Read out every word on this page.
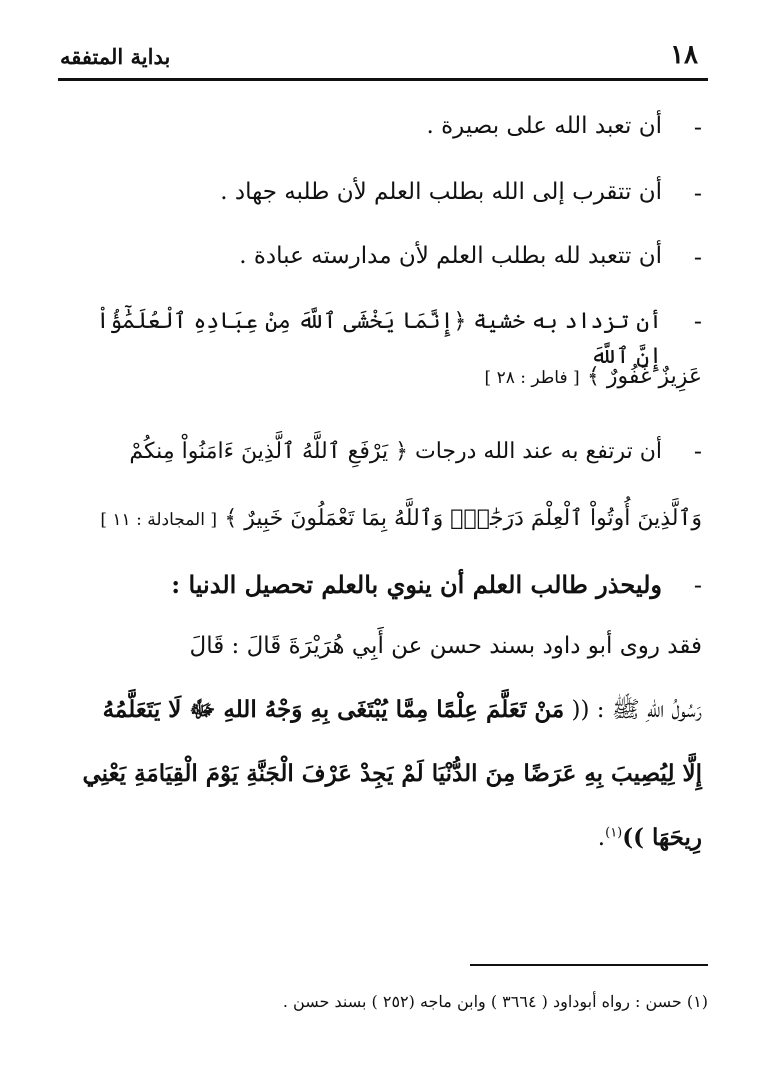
١٨
بداية المتفقه
-
أن تعبد الله على بصيرة .
-
أن تتقرب إلى الله بطلب العلم لأن طلبه جهاد .
-
أن تتعبد لله بطلب العلم لأن مدارسته عبادة .
-
أن تزداد به خشية ﴿إِنَّمَا يَخْشَى ٱللَّهَ مِنْ عِبَادِهِ ٱلْعُلَمَٰٓؤُاْ إِنَّ ٱللَّهَ
عَزِيزٌ غَفُورٌ ﴾ [ فاطر : ٢٨ ]
-
أن ترتفع به عند الله درجات ﴿ يَرْفَعِ ٱللَّهُ ٱلَّذِينَ ءَامَنُواْ مِنكُمْ
وَٱلَّذِينَ أُوتُواْ ٱلْعِلْمَ دَرَجَٰتٍۚ وَٱللَّهُ بِمَا تَعْمَلُونَ خَبِيرٌ ﴾ [ المجادلة : ١١ ]
-
وليحذر طالب العلم أن ينوي بالعلم تحصيل الدنيا :
فقد روى أبو داود بسند حسن عن أَبِي هُرَيْرَةَ قَالَ : قَالَ
رَسُولُ اللهِ ﷺ : (( مَنْ تَعَلَّمَ عِلْمًا مِمَّا يُبْتَغَى بِهِ وَجْهُ اللهِ ﷻ لَا يَتَعَلَّمُهُ
إِلَّا لِيُصِيبَ بِهِ عَرَضًا مِنَ الدُّنْيَا لَمْ يَجِدْ عَرْفَ الْجَنَّةِ يَوْمَ الْقِيَامَةِ يَعْنِي
رِيحَهَا ))$^{(١)}$.
(١) حسن : رواه أبوداود ( ٣٦٦٤ ) وابن ماجه (٢٥٢ ) بسند حسن .
